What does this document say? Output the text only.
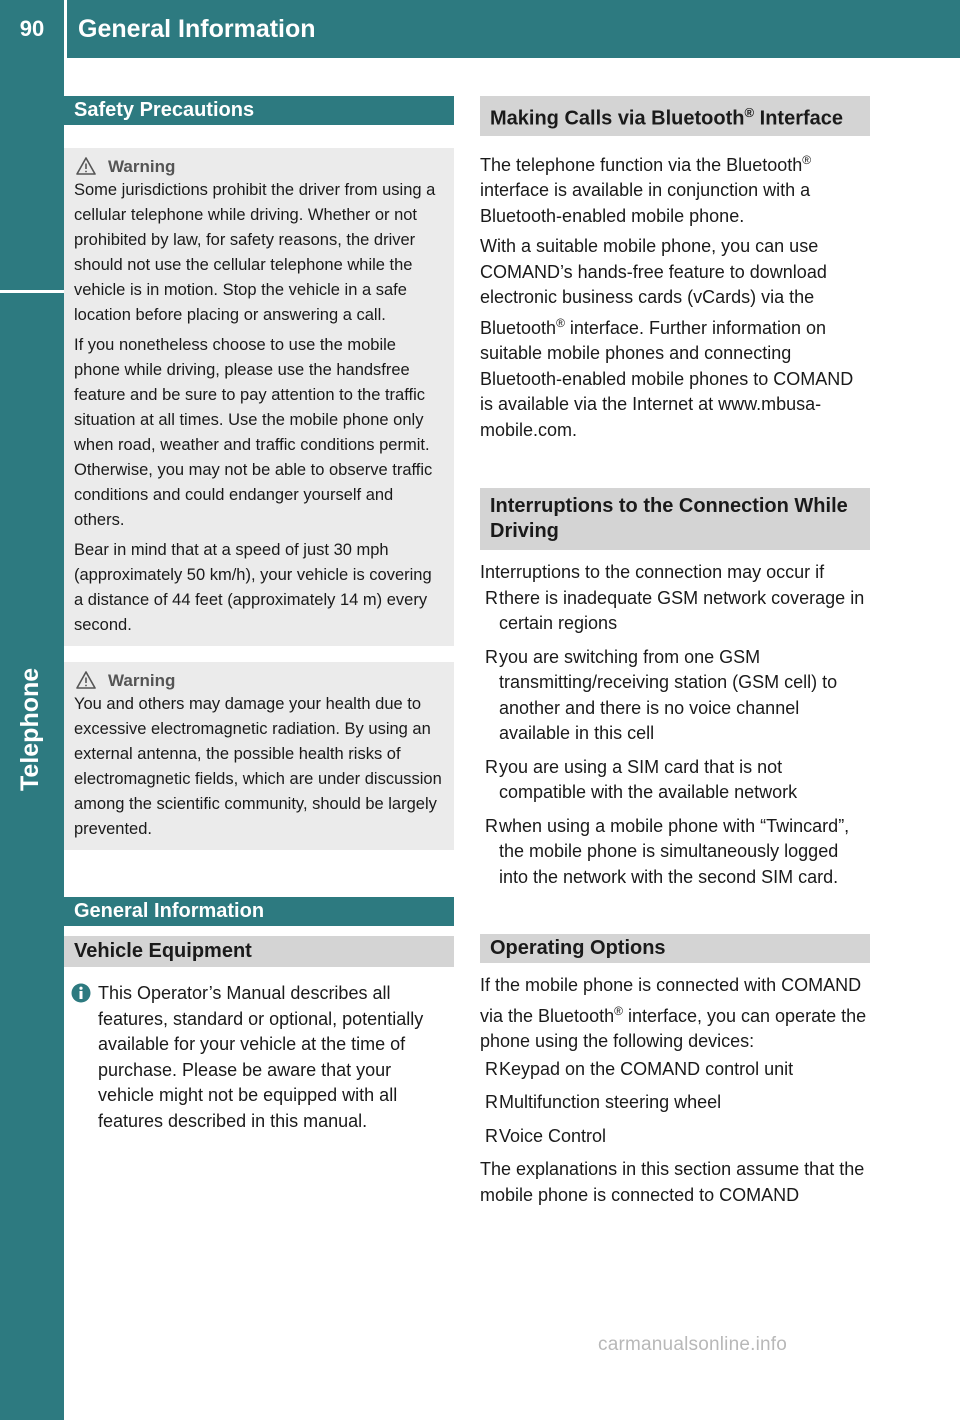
90	General Information
Telephone
Safety Precautions
Warning

Some jurisdictions prohibit the driver from using a cellular telephone while driving. Whether or not prohibited by law, for safety reasons, the driver should not use the cellular telephone while the vehicle is in motion. Stop the vehicle in a safe location before placing or answering a call.

If you nonetheless choose to use the mobile phone while driving, please use the handsfree feature and be sure to pay attention to the traffic situation at all times. Use the mobile phone only when road, weather and traffic conditions permit. Otherwise, you may not be able to observe traffic conditions and could endanger yourself and others.

Bear in mind that at a speed of just 30 mph (approximately 50 km/h), your vehicle is covering a distance of 44 feet (approximately 14 m) every second.

Warning

You and others may damage your health due to excessive electromagnetic radiation. By using an external antenna, the possible health risks of electromagnetic fields, which are under discussion among the scientific community, should be largely prevented.

General Information
Vehicle Equipment
This Operator’s Manual describes all features, standard or optional, potentially available for your vehicle at the time of purchase. Please be aware that your vehicle might not be equipped with all features described in this manual.
Making Calls via Bluetooth® Interface

The telephone function via the Bluetooth®
interface is available in conjunction with a Bluetooth-enabled mobile phone.

With a suitable mobile phone, you can use COMAND’s hands-free feature to download electronic business cards (vCards) via the Bluetooth® interface. Further information on suitable mobile phones and connecting Bluetooth-enabled mobile phones to COMAND is available via the Internet at www.mbusa-mobile.com.

Interruptions to the Connection While Driving

Interruptions to the connection may occur if

R there is inadequate GSM network coverage in certain regions
R you are switching from one GSM transmitting/receiving station (GSM cell) to another and there is no voice channel available in this cell
R you are using a SIM card that is not compatible with the available network
R when using a mobile phone with “Twincard”, the mobile phone is simultaneously logged into the network with the second SIM card.
Operating Options

If the mobile phone is connected with COMAND via the Bluetooth® interface, you can operate the phone using the following devices:

R Keypad on the COMAND control unit
R Multifunction steering wheel
R Voice Control

The explanations in this section assume that the mobile phone is connected to COMAND

carmanualsonline.info
